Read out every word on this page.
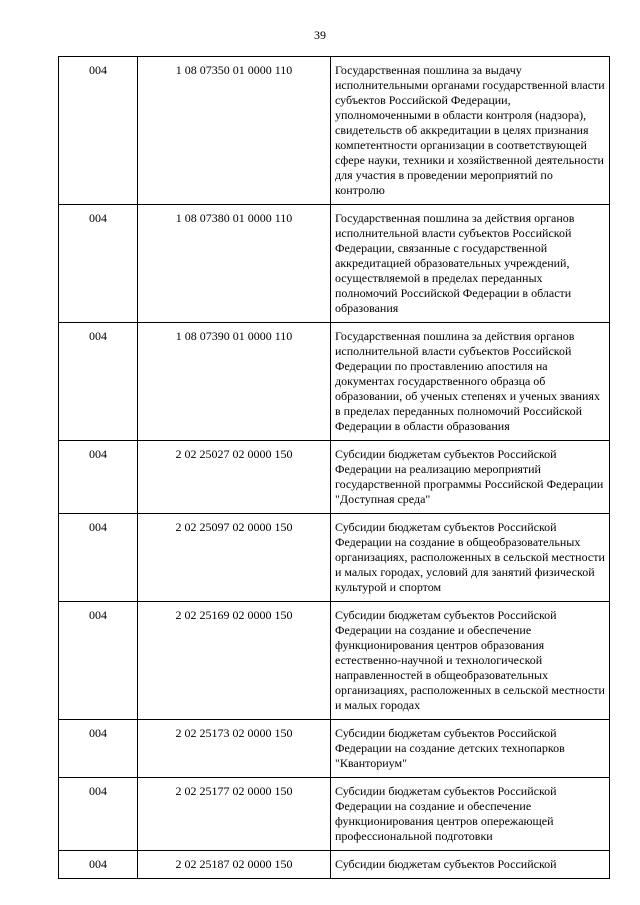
39
004	1 08 07350 01 0000 110	Государственная пошлина за выдачу исполнительными органами государственной власти субъектов Российской Федерации, уполномоченными в области контроля (надзора), свидетельств об аккредитации в целях признания компетентности организации в соответствующей сфере науки, техники и хозяйственной деятельности для участия в проведении мероприятий по контролю
004	1 08 07380 01 0000 110	Государственная пошлина за действия органов исполнительной власти субъектов Российской Федерации, связанные с государственной аккредитацией образовательных учреждений, осуществляемой в пределах переданных полномочий Российской Федерации в области образования
004	1 08 07390 01 0000 110	Государственная пошлина за действия органов исполнительной власти субъектов Российской Федерации по проставлению апостиля на документах государственного образца об образовании, об ученых степенях и ученых званиях в пределах переданных полномочий Российской Федерации в области образования
004	2 02 25027 02 0000 150	Субсидии бюджетам субъектов Российской Федерации на реализацию мероприятий государственной программы Российской Федерации "Доступная среда"
004	2 02 25097 02 0000 150	Субсидии бюджетам субъектов Российской Федерации на создание в общеобразовательных организациях, расположенных в сельской местности и малых городах, условий для занятий физической культурой и спортом
004	2 02 25169 02 0000 150	Субсидии бюджетам субъектов Российской Федерации на создание и обеспечение функционирования центров образования естественно-научной и технологической направленностей в общеобразовательных организациях, расположенных в сельской местности и малых городах
004	2 02 25173 02 0000 150	Субсидии бюджетам субъектов Российской Федерации на создание детских технопарков "Кванториум"
004	2 02 25177 02 0000 150	Субсидии бюджетам субъектов Российской Федерации на создание и обеспечение функционирования центров опережающей профессиональной подготовки
004	2 02 25187 02 0000 150	Субсидии бюджетам субъектов Российской
